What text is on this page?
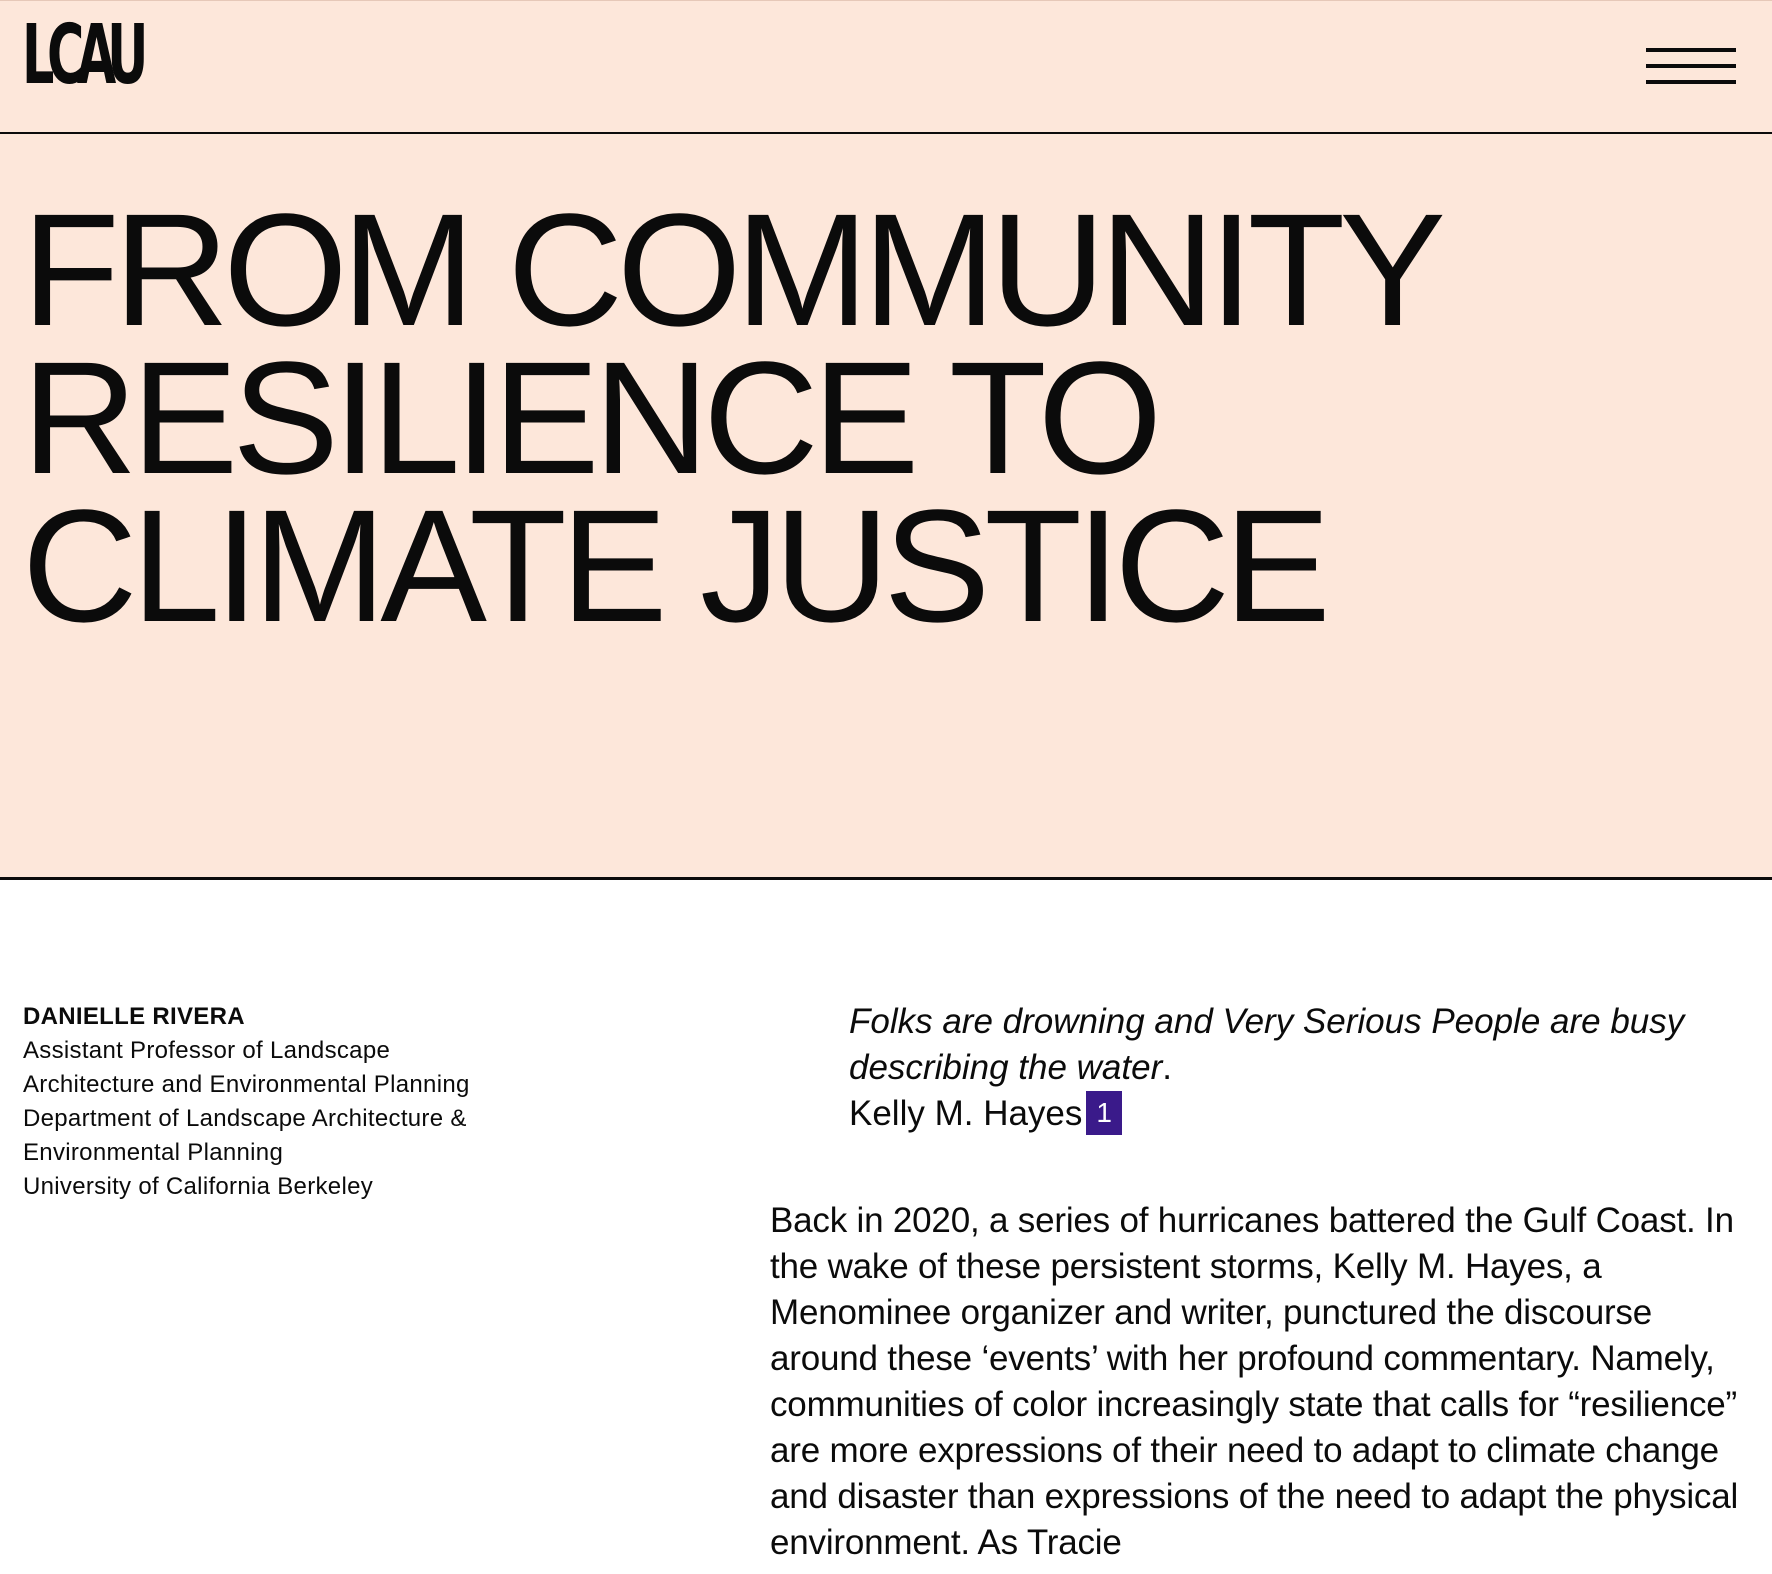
LCAU
FROM COMMUNITY
RESILIENCE TO
CLIMATE JUSTICE
DANIELLE RIVERA
Assistant Professor of Landscape
Architecture and Environmental Planning
Department of Landscape Architecture &
Environmental Planning
University of California Berkeley
Folks are drowning and Very Serious People are busy describing the water.
Kelly M. Hayes 1

Back in 2020, a series of hurricanes battered the Gulf Coast. In the wake of these persistent storms, Kelly M. Hayes, a Menominee organizer and writer, punctured the discourse around these ‘events’ with her profound commentary. Namely, communities of color increasingly state that calls for “resilience” are more expressions of their need to adapt to climate change and disaster than expressions of the need to adapt the physical environment. As Tracie
